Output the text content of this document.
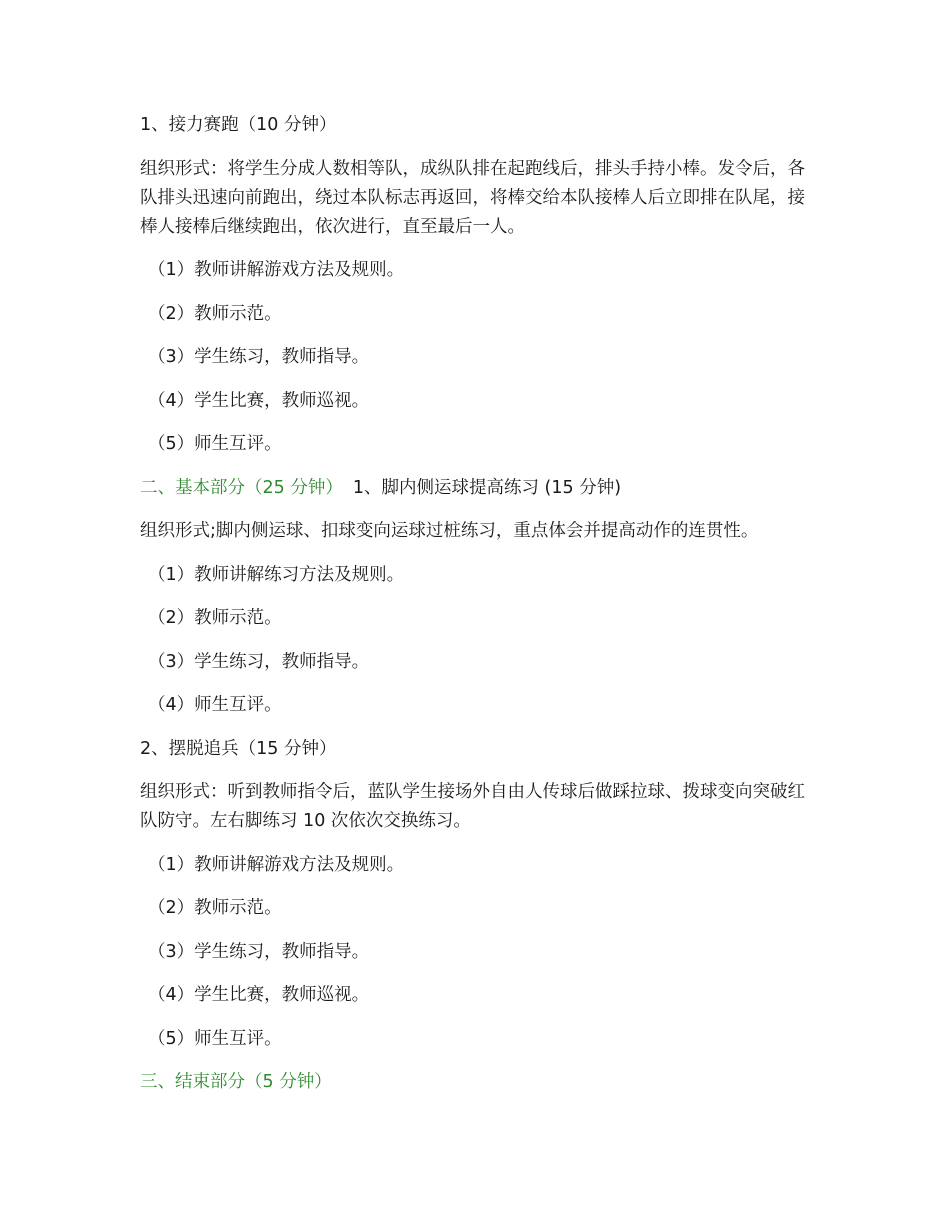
1、接力赛跑（10 分钟）

组织形式：将学生分成人数相等队，成纵队排在起跑线后，排头手持小棒。发令后，各队排头迅速向前跑出，绕过本队标志再返回，将棒交给本队接棒人后立即排在队尾，接棒人接棒后继续跑出，依次进行，直至最后一人。

（1）教师讲解游戏方法及规则。

（2）教师示范。

（3）学生练习，教师指导。

（4）学生比赛，教师巡视。

（5）师生互评。

二、基本部分（25 分钟） 1、脚内侧运球提高练习 (15 分钟)

组织形式;脚内侧运球、扣球变向运球过桩练习，重点体会并提高动作的连贯性。

（1）教师讲解练习方法及规则。

（2）教师示范。

（3）学生练习，教师指导。

（4）师生互评。

2、摆脱追兵（15 分钟）

组织形式：听到教师指令后，蓝队学生接场外自由人传球后做踩拉球、拨球变向突破红队防守。左右脚练习 10 次依次交换练习。

（1）教师讲解游戏方法及规则。

（2）教师示范。

（3）学生练习，教师指导。

（4）学生比赛，教师巡视。

（5）师生互评。

三、结束部分（5 分钟）
